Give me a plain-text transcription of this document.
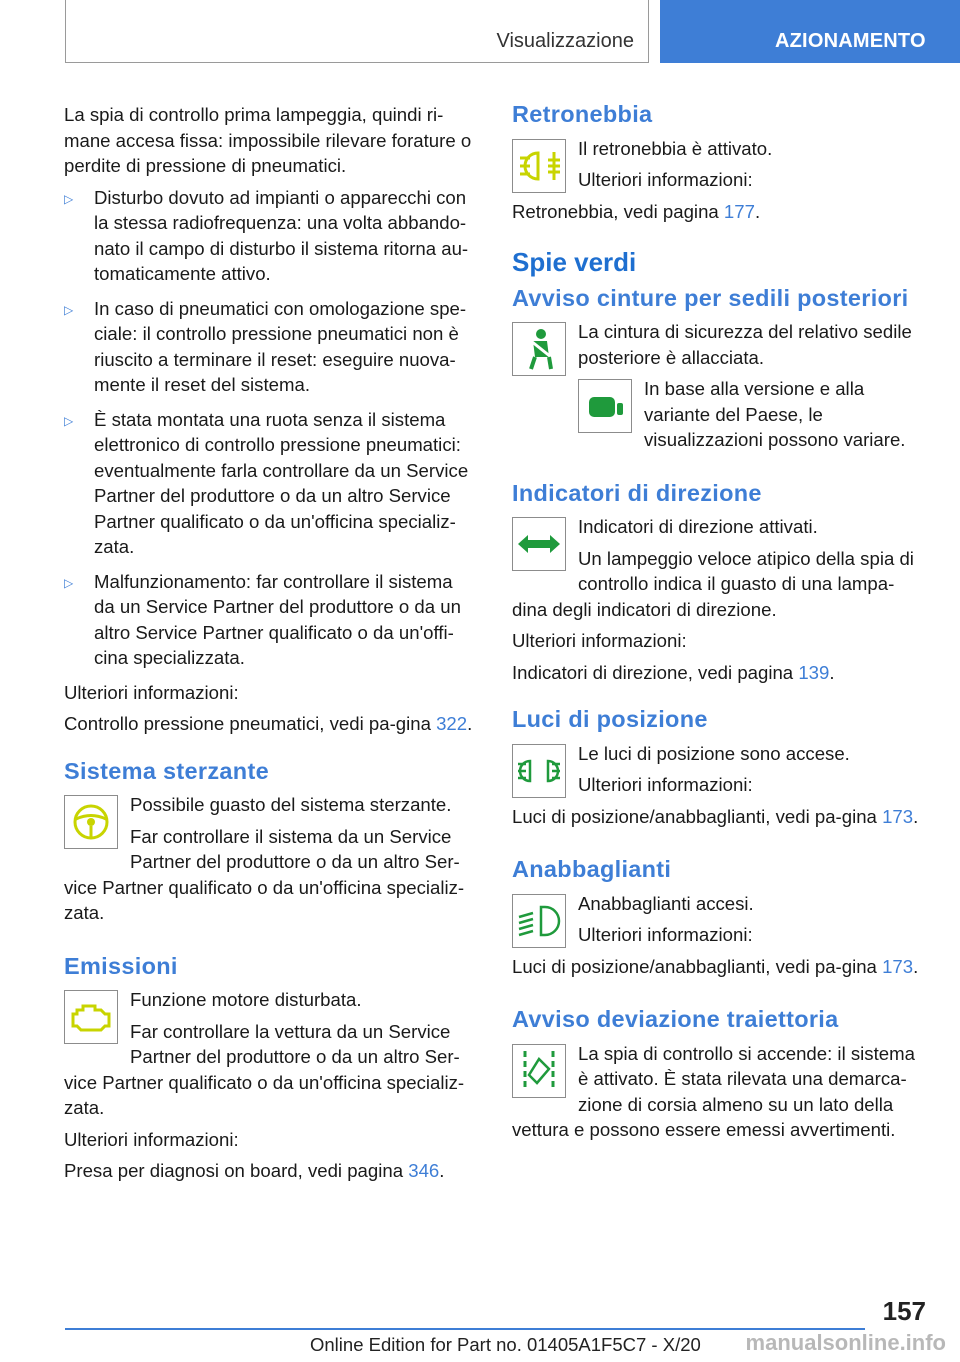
Visualizzazione	AZIONAMENTO

La spia di controllo prima lampeggia, quindi ri-mane accesa fissa: impossibile rilevare forature o perdite di pressione di pneumatici.

▷	Disturbo dovuto ad impianti o apparecchi con la stessa radiofrequenza: una volta abbando-nato il campo di disturbo il sistema ritorna au-tomaticamente attivo.
▷	In caso di pneumatici con omologazione spe-ciale: il controllo pressione pneumatici non è riuscito a terminare il reset: eseguire nuova-mente il reset del sistema.
▷	È stata montata una ruota senza il sistema elettronico di controllo pressione pneumatici: eventualmente farla controllare da un Service Partner del produttore o da un altro Service Partner qualificato o da un'officina specializ-zata.
▷	Malfunzionamento: far controllare il sistema da un Service Partner del produttore o da un altro Service Partner qualificato o da un'offi-cina specializzata.

Ulteriori informazioni:

Controllo pressione pneumatici, vedi pa-gina 322.

Sistema sterzante

Possibile guasto del sistema sterzante.

Far controllare il sistema da un Service Partner del produttore o da un altro Ser-vice Partner qualificato o da un'officina specializ-zata.

Emissioni

Funzione motore disturbata.

Far controllare la vettura da un Service Partner del produttore o da un altro Ser-vice Partner qualificato o da un'officina specializ-zata.

Ulteriori informazioni:

Presa per diagnosi on board, vedi pagina 346.

Retronebbia

Il retronebbia è attivato.

Ulteriori informazioni:

Retronebbia, vedi pagina 177.

Spie verdi
Avviso cinture per sedili posteriori

La cintura di sicurezza del relativo sedile posteriore è allacciata.

In base alla versione e alla variante del Paese, le visualizzazioni possono variare.

Indicatori di direzione

Indicatori di direzione attivati.

Un lampeggio veloce atipico della spia di controllo indica il guasto di una lampa-dina degli indicatori di direzione.

Ulteriori informazioni:

Indicatori di direzione, vedi pagina 139.

Luci di posizione

Le luci di posizione sono accese.

Ulteriori informazioni:

Luci di posizione/anabbaglianti, vedi pa-gina 173.

Anabbaglianti

Anabbaglianti accesi.

Ulteriori informazioni:

Luci di posizione/anabbaglianti, vedi pa-gina 173.

Avviso deviazione traiettoria

La spia di controllo si accende: il sistema è attivato. È stata rilevata una demarca-zione di corsia almeno su un lato della vettura e possono essere emessi avvertimenti.

157
Online Edition for Part no. 01405A1F5C7 - X/20 manualsonline.info
